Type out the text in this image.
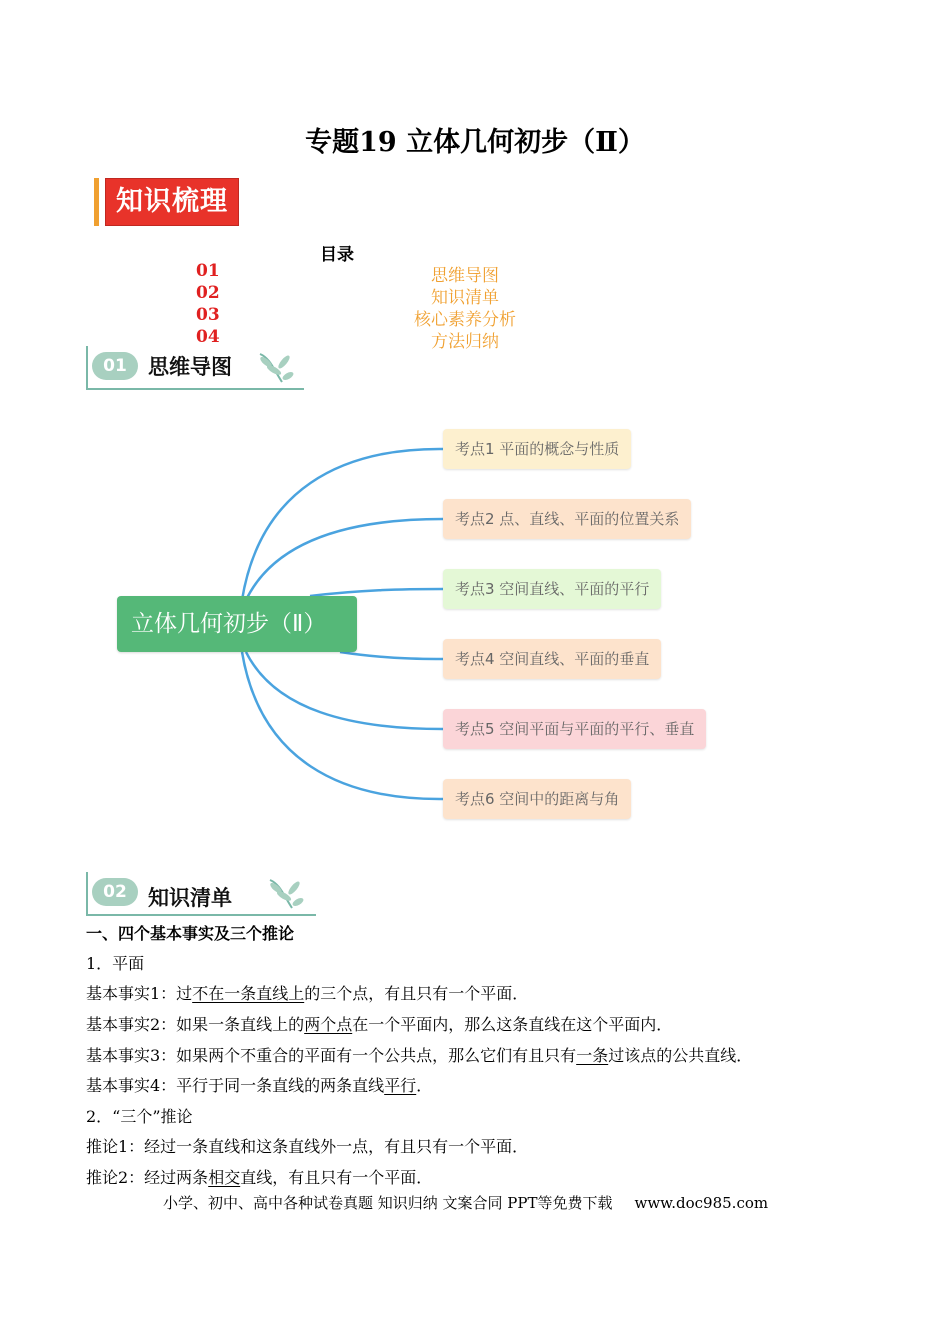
专题19 立体几何初步（Ⅱ）
知识梳理
目录
01	思维导图
02	知识清单
03	核心素养分析
04	方法归纳
01	思维导图
立体几何初步（Ⅱ）
考点1 平面的概念与性质
考点2 点、直线、平面的位置关系
考点3 空间直线、平面的平行
考点4 空间直线、平面的垂直
考点5 空间平面与平面的平行、垂直
考点6 空间中的距离与角
02	知识清单
一、四个基本事实及三个推论
1．平面
基本事实1：过不在一条直线上的三个点，有且只有一个平面．
基本事实2：如果一条直线上的两个点在一个平面内，那么这条直线在这个平面内．
基本事实3：如果两个不重合的平面有一个公共点，那么它们有且只有一条过该点的公共直线．
基本事实4：平行于同一条直线的两条直线平行．
2．“三个”推论
推论1：经过一条直线和这条直线外一点，有且只有一个平面．
推论2：经过两条相交直线，有且只有一个平面．
小学、初中、高中各种试卷真题 知识归纳 文案合同 PPT等免费下载 www.doc985.com
